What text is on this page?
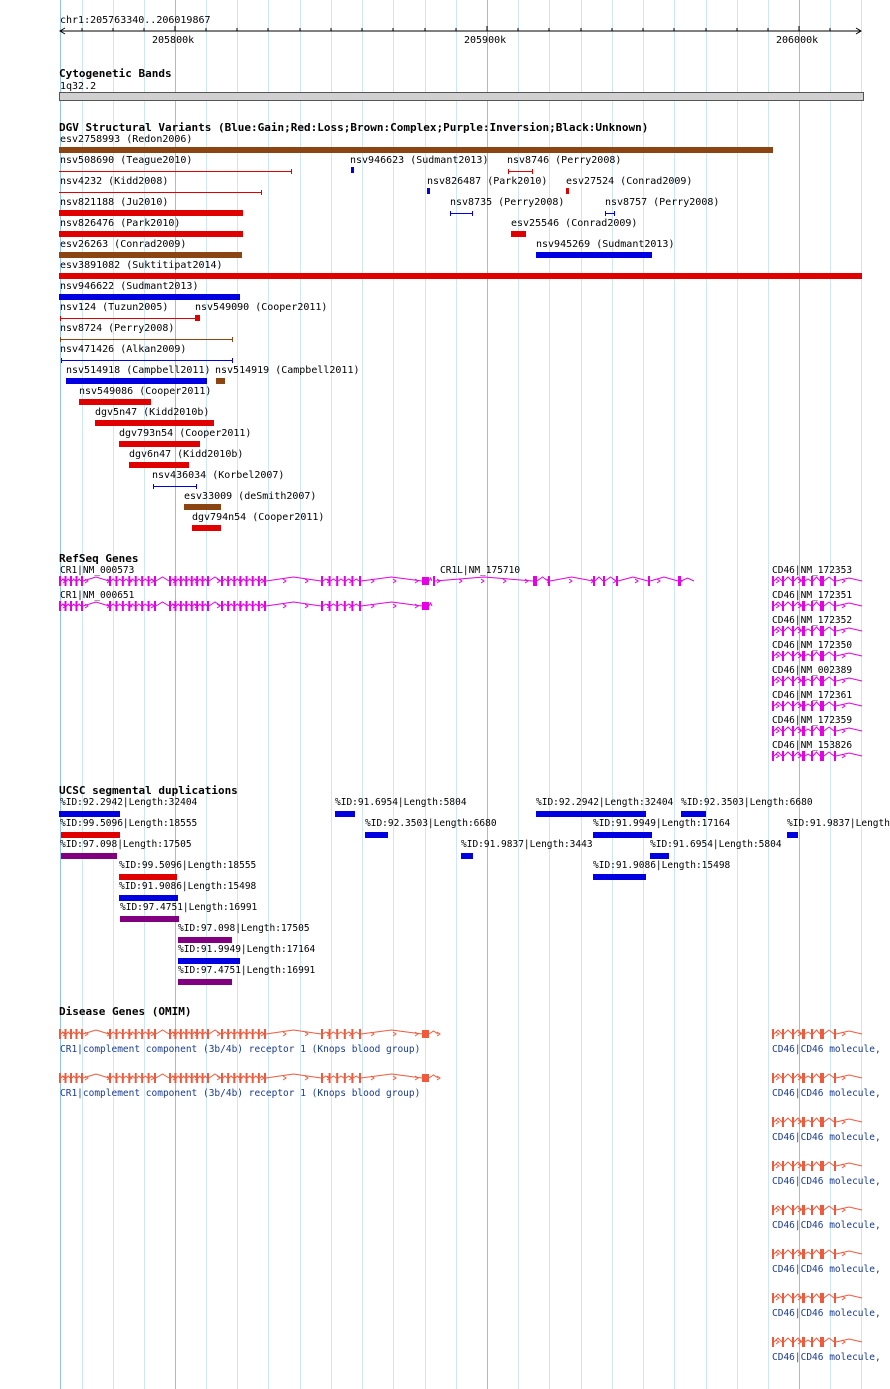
chr1:205763340..206019867
205800k	205900k	206000k
Cytogenetic Bands
1q32.2
DGV Structural Variants (Blue:Gain;Red:Loss;Brown:Complex;Purple:Inversion;Black:Unknown)
esv2758993 (Redon2006)
nsv508690 (Teague2010)	nsv946623 (Sudmant2013) nsv8746 (Perry2008)
nsv4232 (Kidd2008)	nsv826487 (Park2010) esv27524 (Conrad2009)
nsv821188 (Ju2010)	nsv8735 (Perry2008)	nsv8757 (Perry2008)
nsv826476 (Park2010)	esv25546 (Conrad2009)
esv26263 (Conrad2009)	nsv945269 (Sudmant2013)
esv3891082 (Suktitipat2014)
nsv946622 (Sudmant2013)
nsv124 (Tuzun2005)	nsv549090 (Cooper2011)
nsv8724 (Perry2008)
nsv471426 (Alkan2009)
nsv514918 (Campbell2011) nsv514919 (Campbell2011)
nsv549086 (Cooper2011)
dgv5n47 (Kidd2010b)
dgv793n54 (Cooper2011)
dgv6n47 (Kidd2010b)
nsv436034 (Korbel2007)
esv33009 (deSmith2007)
dgv794n54 (Cooper2011)
RefSeq Genes
CR1|NM_000573	CR1L|NM_175710
CR1|NM_000651
CD46|NM_172353
CD46|NM_172351
CD46|NM_172352
CD46|NM_172350
CD46|NM_002389
CD46|NM_172361
CD46|NM_172359
CD46|NM_153826
UCSC segmental duplications
%ID:92.2942|Length:32404	%ID:91.6954|Length:5804	%ID:92.2942|Length:32404 %ID:92.3503|Length:6680
%ID:99.5096|Length:18555	%ID:92.3503|Length:6680	%ID:91.9949|Length:17164	%ID:91.9837|Length
%ID:97.098|Length:17505	%ID:91.9837|Length:3443	%ID:91.6954|Length:5804
%ID:99.5096|Length:18555	%ID:91.9086|Length:15498
%ID:91.9086|Length:15498
%ID:97.4751|Length:16991
%ID:97.098|Length:17505
%ID:91.9949|Length:17164
%ID:97.4751|Length:16991
Disease Genes (OMIM)
CR1|complement component (3b/4b) receptor 1 (Knops blood group)
CR1|complement component (3b/4b) receptor 1 (Knops blood group)
CD46|CD46 molecule,
CD46|CD46 molecule,
CD46|CD46 molecule,
CD46|CD46 molecule,
CD46|CD46 molecule,
CD46|CD46 molecule,
CD46|CD46 molecule,
CD46|CD46 molecule,
